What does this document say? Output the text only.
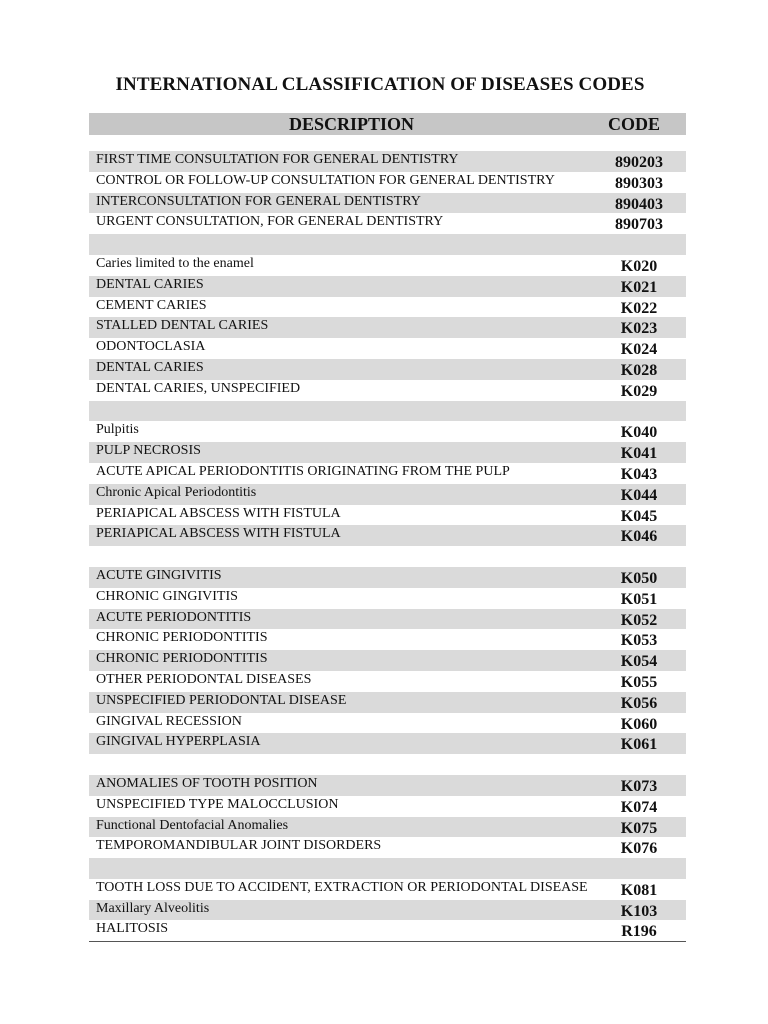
INTERNATIONAL CLASSIFICATION OF DISEASES CODES
DESCRIPTION	CODE
FIRST TIME CONSULTATION FOR GENERAL DENTISTRY	890203
CONTROL OR FOLLOW-UP CONSULTATION FOR GENERAL DENTISTRY	890303
INTERCONSULTATION FOR GENERAL DENTISTRY	890403
URGENT CONSULTATION, FOR GENERAL DENTISTRY	890703
Caries limited to the enamel	K020
DENTAL CARIES	K021
CEMENT CARIES	K022
STALLED DENTAL CARIES	K023
ODONTOCLASIA	K024
DENTAL CARIES	K028
DENTAL CARIES, UNSPECIFIED	K029
Pulpitis	K040
PULP NECROSIS	K041
ACUTE APICAL PERIODONTITIS ORIGINATING FROM THE PULP	K043
Chronic Apical Periodontitis	K044
PERIAPICAL ABSCESS WITH FISTULA	K045
PERIAPICAL ABSCESS WITH FISTULA	K046
ACUTE GINGIVITIS	K050
CHRONIC GINGIVITIS	K051
ACUTE PERIODONTITIS	K052
CHRONIC PERIODONTITIS	K053
CHRONIC PERIODONTITIS	K054
OTHER PERIODONTAL DISEASES	K055
UNSPECIFIED PERIODONTAL DISEASE	K056
GINGIVAL RECESSION	K060
GINGIVAL HYPERPLASIA	K061
ANOMALIES OF TOOTH POSITION	K073
UNSPECIFIED TYPE MALOCCLUSION	K074
Functional Dentofacial Anomalies	K075
TEMPOROMANDIBULAR JOINT DISORDERS	K076
TOOTH LOSS DUE TO ACCIDENT, EXTRACTION OR PERIODONTAL DISEASE	K081
Maxillary Alveolitis	K103
HALITOSIS	R196
